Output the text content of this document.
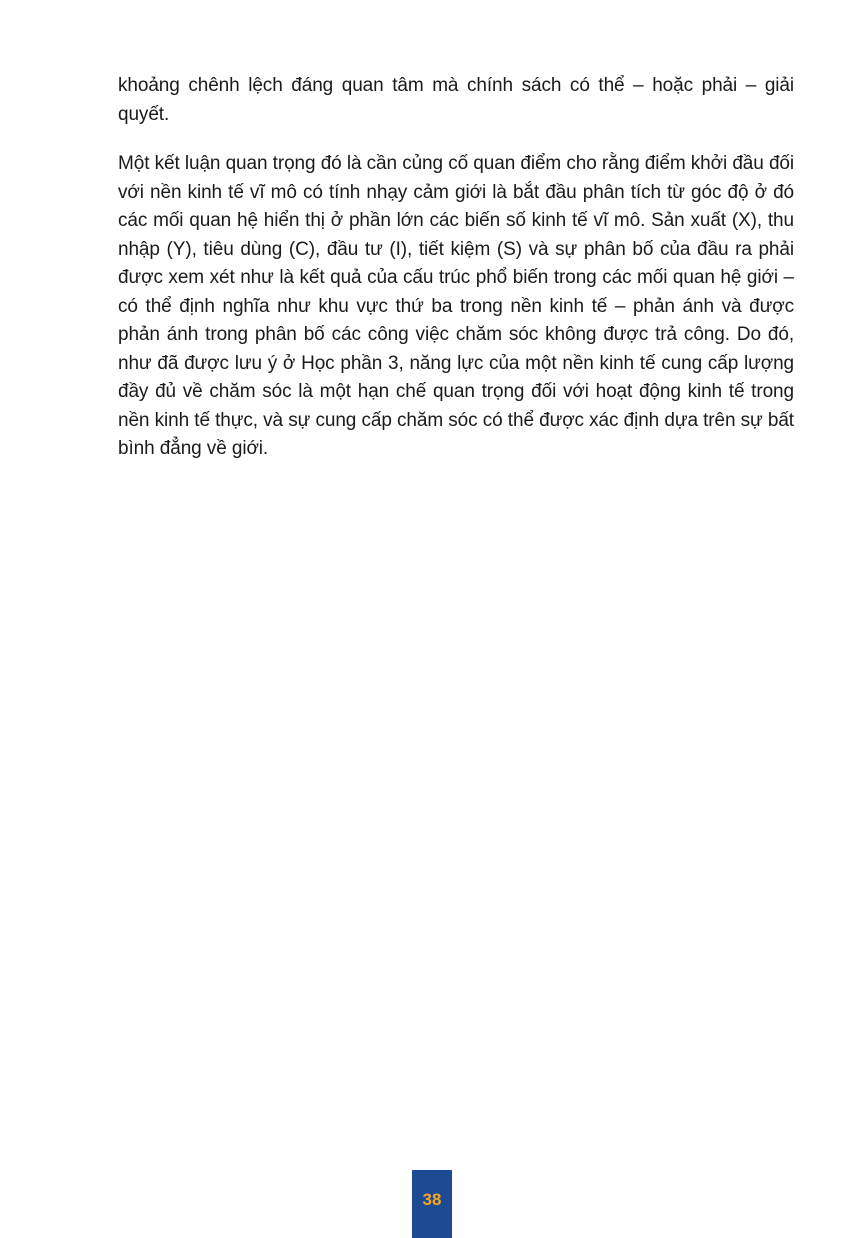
khoảng chênh lệch đáng quan tâm mà chính sách có thể – hoặc phải – giải quyết.

Một kết luận quan trọng đó là cần củng cố quan điểm cho rằng điểm khởi đầu đối với nền kinh tế vĩ mô có tính nhạy cảm giới là bắt đầu phân tích từ góc độ ở đó các mối quan hệ hiển thị ở phần lớn các biến số kinh tế vĩ mô. Sản xuất (X), thu nhập (Y), tiêu dùng (C), đầu tư (I), tiết kiệm (S) và sự phân bố của đầu ra phải được xem xét như là kết quả của cấu trúc phổ biến trong các mối quan hệ giới – có thể định nghĩa như khu vực thứ ba trong nền kinh tế – phản ánh và được phản ánh trong phân bố các công việc chăm sóc không được trả công. Do đó, như đã được lưu ý ở Học phần 3, năng lực của một nền kinh tế cung cấp lượng đầy đủ về chăm sóc là một hạn chế quan trọng đối với hoạt động kinh tế trong nền kinh tế thực, và sự cung cấp chăm sóc có thể được xác định dựa trên sự bất bình đẳng về giới.

38
